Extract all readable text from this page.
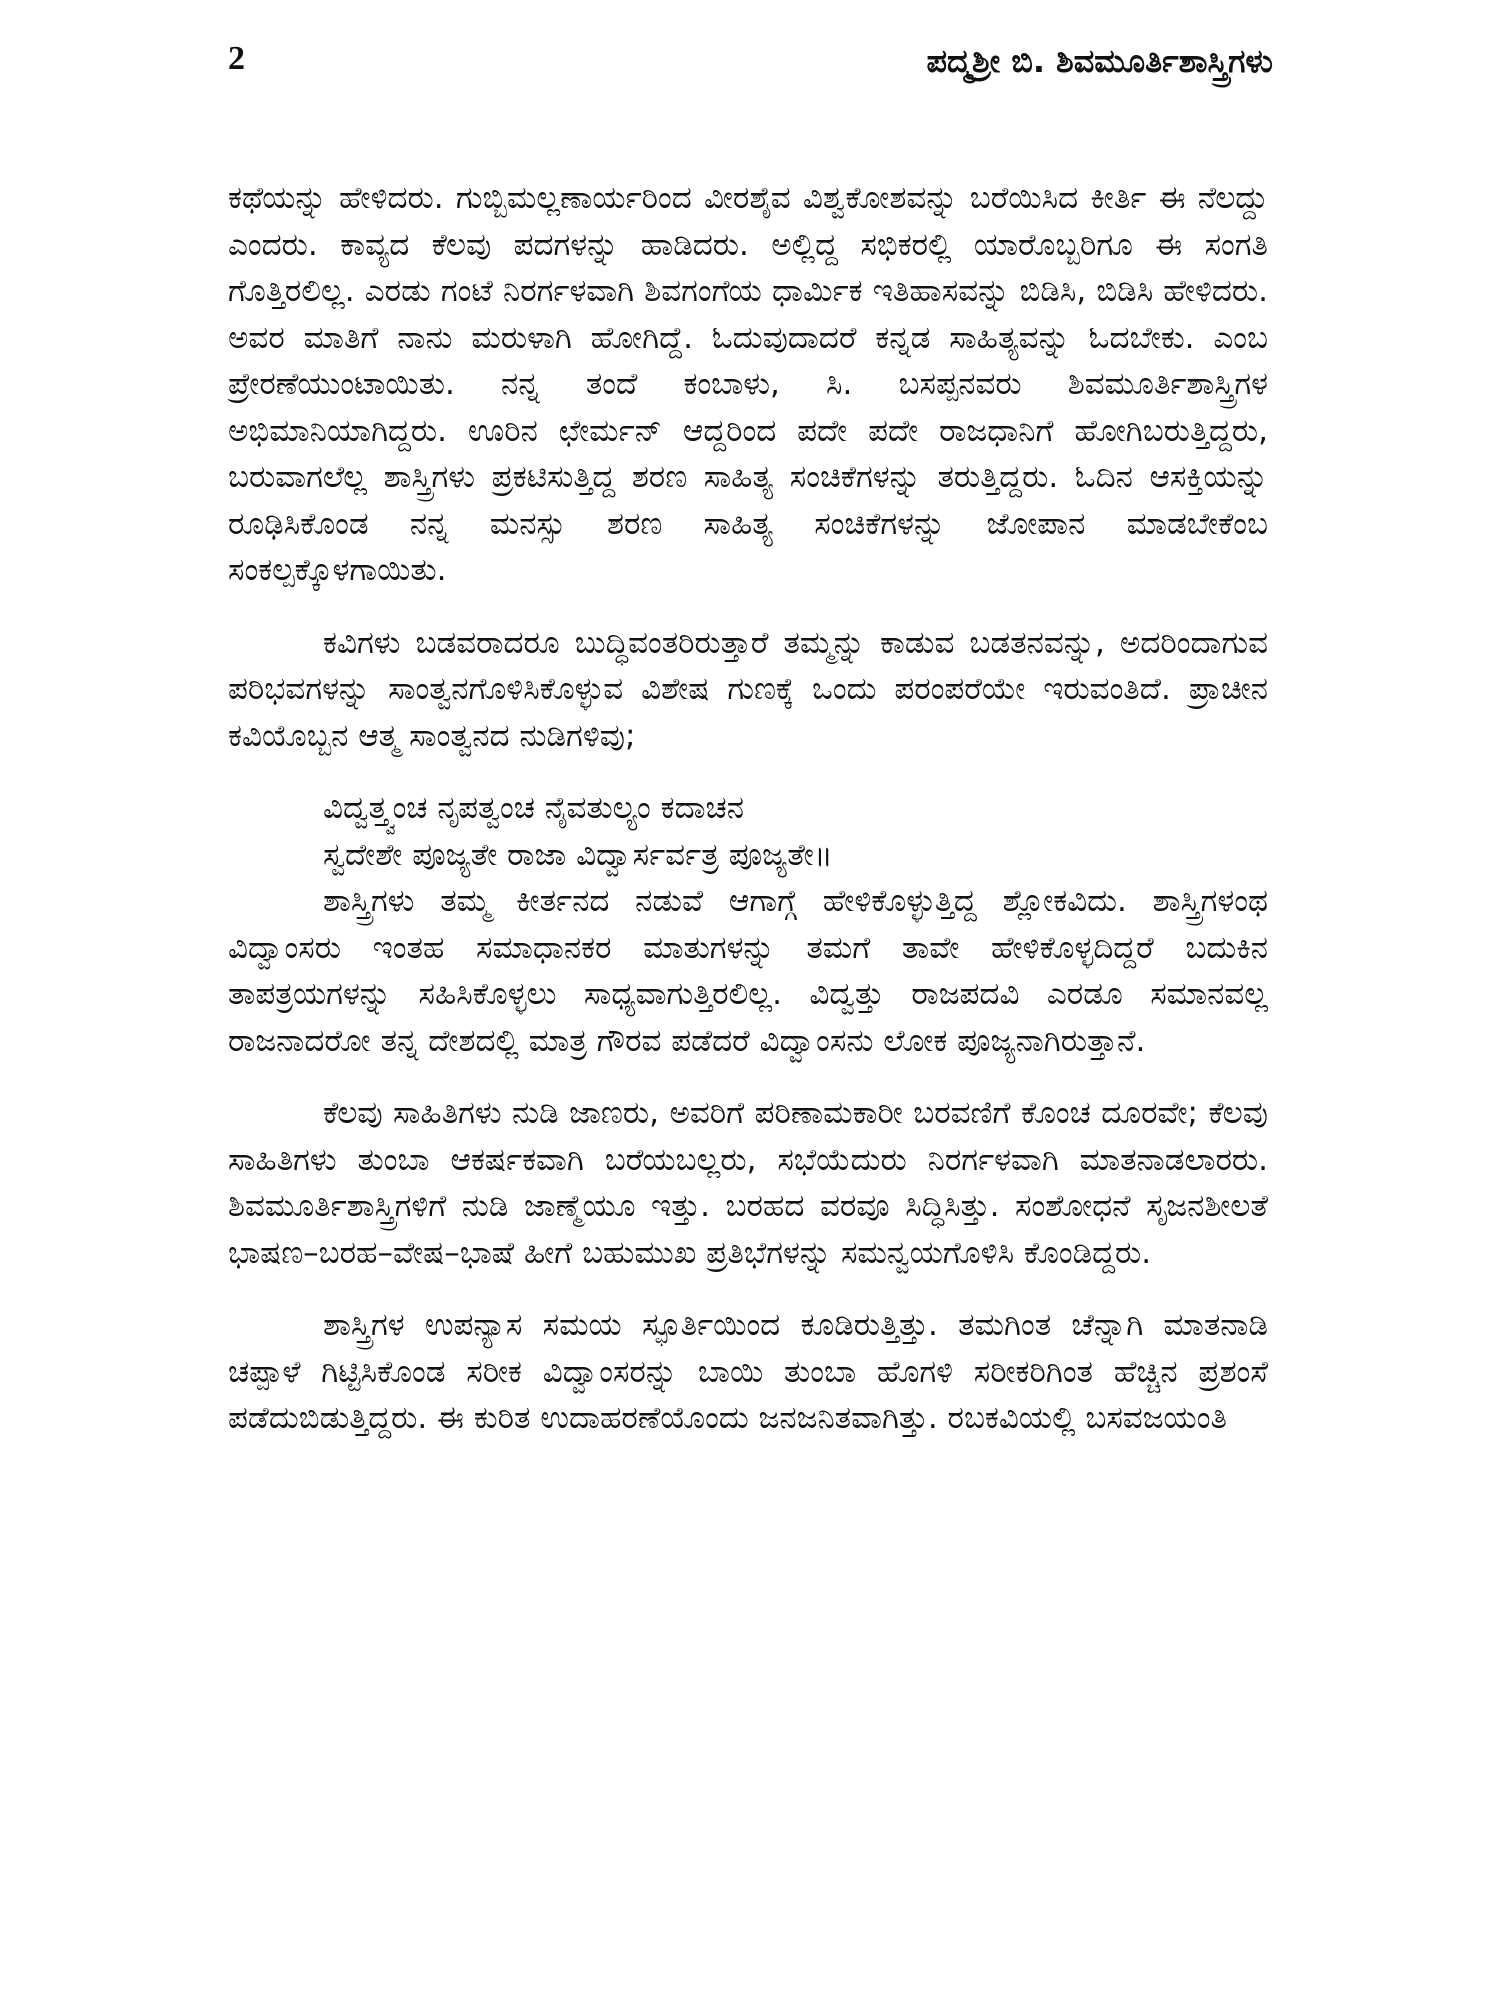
2	ಪದ್ಮಶ್ರೀ ಬಿ. ಶಿವಮೂರ್ತಿಶಾಸ್ತ್ರಿಗಳು

ಕಥೆಯನ್ನು ಹೇಳಿದರು. ಗುಬ್ಬಿಮಲ್ಲಣಾರ್ಯರಿಂದ ವೀರಶೈವ ವಿಶ್ವಕೋಶವನ್ನು ಬರೆಯಿಸಿದ ಕೀರ್ತಿ ಈ ನೆಲದ್ದು ಎಂದರು. ಕಾವ್ಯದ ಕೆಲವು ಪದಗಳನ್ನು ಹಾಡಿದರು. ಅಲ್ಲಿದ್ದ ಸಭಿಕರಲ್ಲಿ ಯಾರೊಬ್ಬರಿಗೂ ಈ ಸಂಗತಿ ಗೊತ್ತಿರಲಿಲ್ಲ. ಎರಡು ಗಂಟೆ ನಿರರ್ಗಳವಾಗಿ ಶಿವಗಂಗೆಯ ಧಾರ್ಮಿಕ ಇತಿಹಾಸವನ್ನು ಬಿಡಿಸಿ, ಬಿಡಿಸಿ ಹೇಳಿದರು. ಅವರ ಮಾತಿಗೆ ನಾನು ಮರುಳಾಗಿ ಹೋಗಿದ್ದೆ. ಓದುವುದಾದರೆ ಕನ್ನಡ ಸಾಹಿತ್ಯವನ್ನು ಓದಬೇಕು. ಎಂಬ ಪ್ರೇರಣೆಯುಂಟಾಯಿತು. ನನ್ನ ತಂದೆ ಕಂಬಾಳು, ಸಿ. ಬಸಪ್ಪನವರು ಶಿವಮೂರ್ತಿಶಾಸ್ತ್ರಿಗಳ ಅಭಿಮಾನಿಯಾಗಿದ್ದರು. ಊರಿನ ಛೇರ್ಮನ್ ಆದ್ದರಿಂದ ಪದೇ ಪದೇ ರಾಜಧಾನಿಗೆ ಹೋಗಿಬರುತ್ತಿದ್ದರು, ಬರುವಾಗಲೆಲ್ಲ ಶಾಸ್ತ್ರಿಗಳು ಪ್ರಕಟಿಸುತ್ತಿದ್ದ ಶರಣ ಸಾಹಿತ್ಯ ಸಂಚಿಕೆಗಳನ್ನು ತರುತ್ತಿದ್ದರು. ಓದಿನ ಆಸಕ್ತಿಯನ್ನು ರೂಢಿಸಿಕೊಂಡ ನನ್ನ ಮನಸ್ಸು ಶರಣ ಸಾಹಿತ್ಯ ಸಂಚಿಕೆಗಳನ್ನು ಜೋಪಾನ ಮಾಡಬೇಕೆಂಬ ಸಂಕಲ್ಪಕ್ಕೊಳಗಾಯಿತು.

ಕವಿಗಳು ಬಡವರಾದರೂ ಬುದ್ಧಿವಂತರಿರುತ್ತಾರೆ ತಮ್ಮನ್ನು ಕಾಡುವ ಬಡತನವನ್ನು, ಅದರಿಂದಾಗುವ ಪರಿಭವಗಳನ್ನು ಸಾಂತ್ವನಗೊಳಿಸಿಕೊಳ್ಳುವ ವಿಶೇಷ ಗುಣಕ್ಕೆ ಒಂದು ಪರಂಪರೆಯೇ ಇರುವಂತಿದೆ. ಪ್ರಾಚೀನ ಕವಿಯೊಬ್ಬನ ಆತ್ಮ ಸಾಂತ್ವನದ ನುಡಿಗಳಿವು;

ವಿದ್ವತ್ತ್ವಂಚ ನೃಪತ್ವಂಚ ನೈವತುಲ್ಯಂ ಕದಾಚನ
ಸ್ವದೇಶೇ ಪೂಜ್ಯತೇ ರಾಜಾ ವಿದ್ವಾರ್ಸರ್ವತ್ರ ಪೂಜ್ಯತೇ॥

ಶಾಸ್ತ್ರಿಗಳು ತಮ್ಮ ಕೀರ್ತನದ ನಡುವೆ ಆಗಾಗ್ಗೆ ಹೇಳಿಕೊಳ್ಳುತ್ತಿದ್ದ ಶ್ಲೋಕವಿದು. ಶಾಸ್ತ್ರಿಗಳಂಥ ವಿದ್ವಾಂಸರು ಇಂತಹ ಸಮಾಧಾನಕರ ಮಾತುಗಳನ್ನು ತಮಗೆ ತಾವೇ ಹೇಳಿಕೊಳ್ಳದಿದ್ದರೆ ಬದುಕಿನ ತಾಪತ್ರಯಗಳನ್ನು ಸಹಿಸಿಕೊಳ್ಳಲು ಸಾಧ್ಯವಾಗುತ್ತಿರಲಿಲ್ಲ. ವಿದ್ವತ್ತು ರಾಜಪದವಿ ಎರಡೂ ಸಮಾನವಲ್ಲ ರಾಜನಾದರೋ ತನ್ನ ದೇಶದಲ್ಲಿ ಮಾತ್ರ ಗೌರವ ಪಡೆದರೆ ವಿದ್ವಾಂಸನು ಲೋಕ ಪೂಜ್ಯನಾಗಿರುತ್ತಾನೆ.

ಕೆಲವು ಸಾಹಿತಿಗಳು ನುಡಿ ಜಾಣರು, ಅವರಿಗೆ ಪರಿಣಾಮಕಾರೀ ಬರವಣಿಗೆ ಕೊಂಚ ದೂರವೇ; ಕೆಲವು ಸಾಹಿತಿಗಳು ತುಂಬಾ ಆಕರ್ಷಕವಾಗಿ ಬರೆಯಬಲ್ಲರು, ಸಭೆಯೆದುರು ನಿರರ್ಗಳವಾಗಿ ಮಾತನಾಡಲಾರರು. ಶಿವಮೂರ್ತಿಶಾಸ್ತ್ರಿಗಳಿಗೆ ನುಡಿ ಜಾಣ್ಮೆಯೂ ಇತ್ತು. ಬರಹದ ವರವೂ ಸಿದ್ಧಿಸಿತ್ತು. ಸಂಶೋಧನೆ ಸೃಜನಶೀಲತೆ ಭಾಷಣ–ಬರಹ–ವೇಷ–ಭಾಷೆ ಹೀಗೆ ಬಹುಮುಖ ಪ್ರತಿಭೆಗಳನ್ನು ಸಮನ್ವಯಗೊಳಿಸಿ ಕೊಂಡಿದ್ದರು.

ಶಾಸ್ತ್ರಿಗಳ ಉಪನ್ಯಾಸ ಸಮಯ ಸ್ಫೂರ್ತಿಯಿಂದ ಕೂಡಿರುತ್ತಿತ್ತು. ತಮಗಿಂತ ಚೆನ್ನಾಗಿ ಮಾತನಾಡಿ ಚಪ್ಪಾಳೆ ಗಿಟ್ಟಿಸಿಕೊಂಡ ಸರೀಕ ವಿದ್ವಾಂಸರನ್ನು ಬಾಯಿ ತುಂಬಾ ಹೊಗಳಿ ಸರೀಕರಿಗಿಂತ ಹೆಚ್ಚಿನ ಪ್ರಶಂಸೆ ಪಡೆದುಬಿಡುತ್ತಿದ್ದರು. ಈ ಕುರಿತ ಉದಾಹರಣೆಯೊಂದು ಜನಜನಿತವಾಗಿತ್ತು. ರಬಕವಿಯಲ್ಲಿ ಬಸವಜಯಂತಿ
